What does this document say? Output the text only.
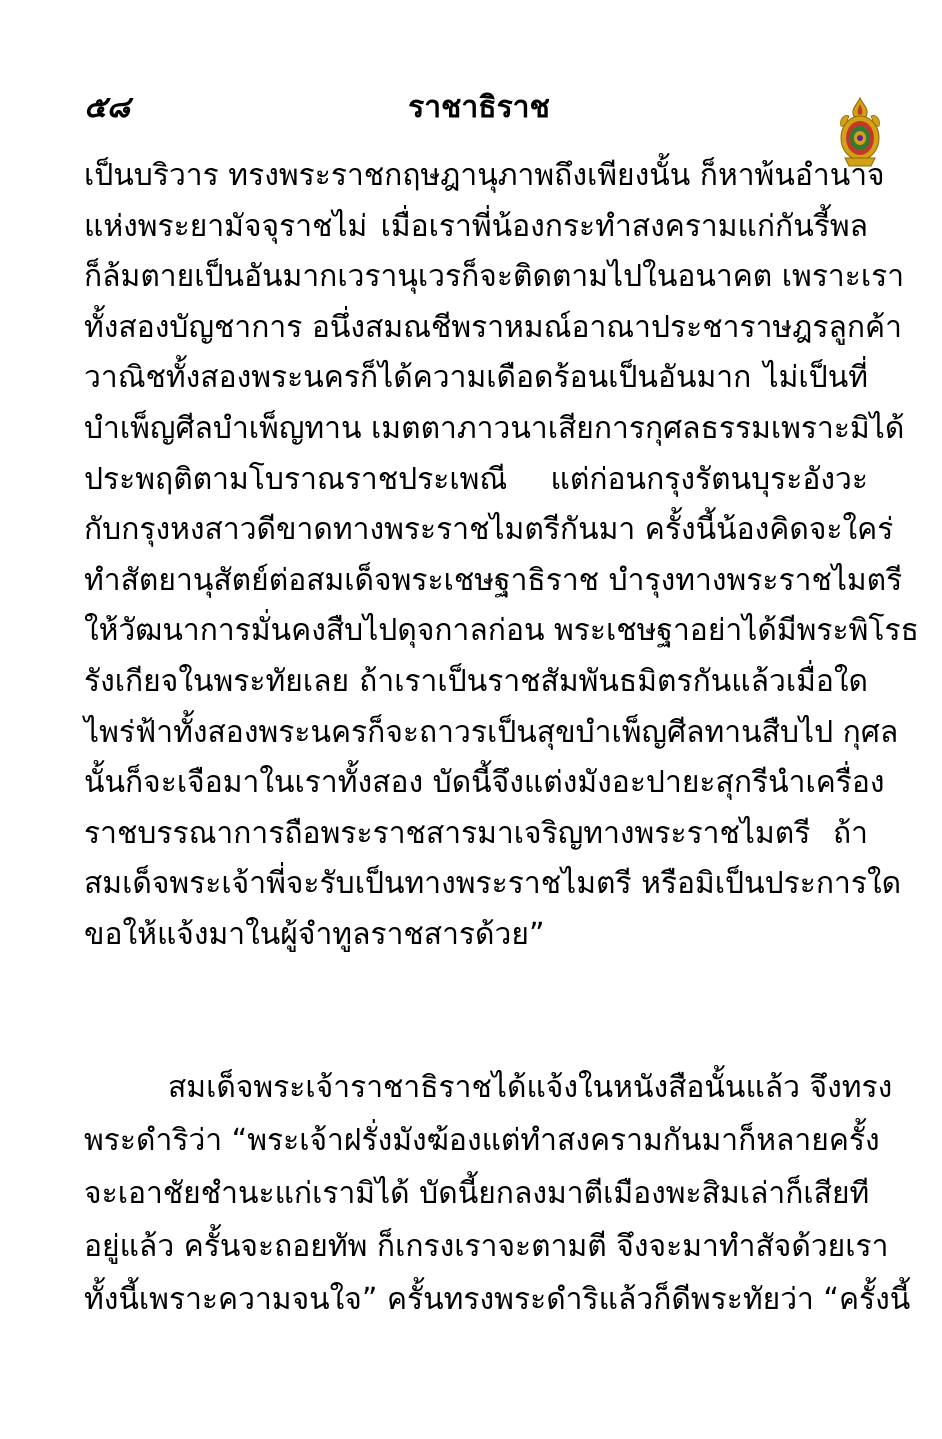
๕๘	ราชาธิราช
เป็นบริวาร ทรงพระราชกฤษฎานุภาพถึงเพียงนั้น ก็หาพ้นอำนาจ
แห่งพระยามัจจุราชไม่ เมื่อเราพี่น้องกระทำสงครามแก่กันรี้พล
ก็ล้มตายเป็นอันมากเวรานุเวรก็จะติดตามไปในอนาคต เพราะเรา
ทั้งสองบัญชาการ อนึ่งสมณชีพราหมณ์อาณาประชาราษฎรลูกค้า
วาณิชทั้งสองพระนครก็ได้ความเดือดร้อนเป็นอันมาก ไม่เป็นที่
บำเพ็ญศีลบำเพ็ญทาน เมตตาภาวนาเสียการกุศลธรรมเพราะมิได้
ประพฤติตามโบราณราชประเพณี แต่ก่อนกรุงรัตนบุระอังวะ
กับกรุงหงสาวดีขาดทางพระราชไมตรีกันมา ครั้งนี้น้องคิดจะใคร่
ทำสัตยานุสัตย์ต่อสมเด็จพระเชษฐาธิราช บำรุงทางพระราชไมตรี
ให้วัฒนาการมั่นคงสืบไปดุจกาลก่อน พระเชษฐาอย่าได้มีพระพิโรธ
รังเกียจในพระทัยเลย ถ้าเราเป็นราชสัมพันธมิตรกันแล้วเมื่อใด
ไพร่ฟ้าทั้งสองพระนครก็จะถาวรเป็นสุขบำเพ็ญศีลทานสืบไป กุศล
นั้นก็จะเจือมาในเราทั้งสอง บัดนี้จึงแต่งมังอะปายะสุกรีนำเครื่อง
ราชบรรณาการถือพระราชสารมาเจริญทางพระราชไมตรี ถ้า
สมเด็จพระเจ้าพี่จะรับเป็นทางพระราชไมตรี หรือมิเป็นประการใด
ขอให้แจ้งมาในผู้จำทูลราชสารด้วย”
สมเด็จพระเจ้าราชาธิราชได้แจ้งในหนังสือนั้นแล้ว จึงทรง
พระดำริว่า “พระเจ้าฝรั่งมังฆ้องแต่ทำสงครามกันมาก็หลายครั้ง
จะเอาชัยชำนะแก่เรามิได้ บัดนี้ยกลงมาตีเมืองพะสิมเล่าก็เสียที
อยู่แล้ว ครั้นจะถอยทัพ ก็เกรงเราจะตามตี จึงจะมาทำสัจด้วยเรา
ทั้งนี้เพราะความจนใจ” ครั้นทรงพระดำริแล้วก็ดีพระทัยว่า “ครั้งนี้
